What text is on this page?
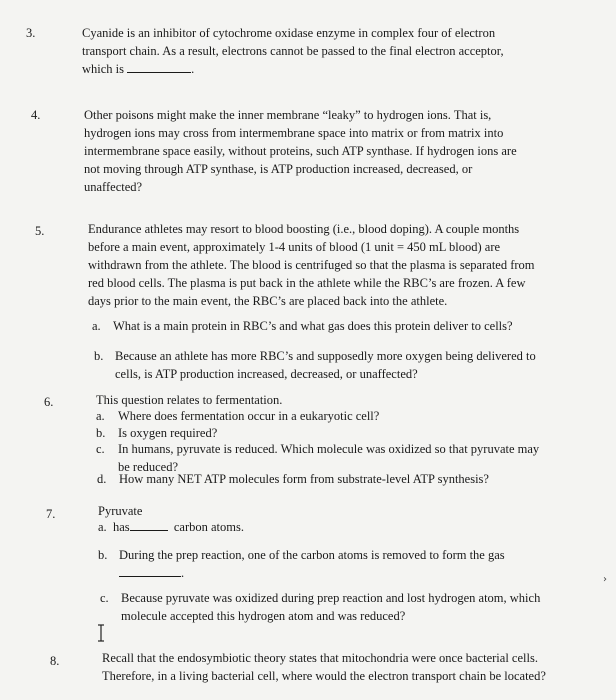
3.	Cyanide is an inhibitor of cytochrome oxidase enzyme in complex four of electron
transport chain. As a result, electrons cannot be passed to the final electron acceptor,
which is	.
4.	Other poisons might make the inner membrane “leaky” to hydrogen ions. That is,
hydrogen ions may cross from intermembrane space into matrix or from matrix into
intermembrane space easily, without proteins, such ATP synthase. If hydrogen ions are
not moving through ATP synthase, is ATP production increased, decreased, or
unaffected?
5.	Endurance athletes may resort to blood boosting (i.e., blood doping). A couple months
before a main event, approximately 1-4 units of blood (1 unit = 450 mL blood) are
withdrawn from the athlete. The blood is centrifuged so that the plasma is separated from
red blood cells. The plasma is put back in the athlete while the RBC’s are frozen. A few
days prior to the main event, the RBC’s are placed back into the athlete.
a. What is a main protein in RBC’s and what gas does this protein deliver to cells?
b. Because an athlete has more RBC’s and supposedly more oxygen being delivered to
cells, is ATP production increased, decreased, or unaffected?
6.	This question relates to fermentation.
a. Where does fermentation occur in a eukaryotic cell?
b. Is oxygen required?
c. In humans, pyruvate is reduced. Which molecule was oxidized so that pyruvate may
be reduced?
d. How many NET ATP molecules form from substrate-level ATP synthesis?
7.	Pyruvate
a. has	carbon atoms.
b. During the prep reaction, one of the carbon atoms is removed to form the gas
.
c. Because pyruvate was oxidized during prep reaction and lost hydrogen atom, which
molecule accepted this hydrogen atom and was reduced?
›
8.	Recall that the endosymbiotic theory states that mitochondria were once bacterial cells.
Therefore, in a living bacterial cell, where would the electron transport chain be located?
